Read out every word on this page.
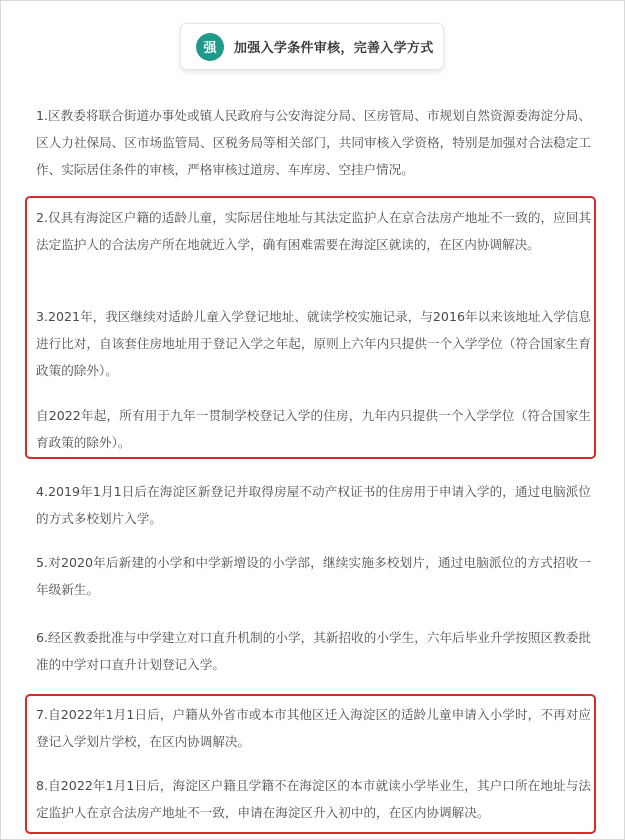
强	加强入学条件审核，完善入学方式

1.区教委将联合街道办事处或镇人民政府与公安海淀分局、区房管局、市规划自然资源委海淀分局、区人力社保局、区市场监管局、区税务局等相关部门，共同审核入学资格，特别是加强对合法稳定工作、实际居住条件的审核，严格审核过道房、车库房、空挂户情况。

2.仅具有海淀区户籍的适龄儿童，实际居住地址与其法定监护人在京合法房产地址不一致的，应回其法定监护人的合法房产所在地就近入学，确有困难需要在海淀区就读的，在区内协调解决。

3.2021年，我区继续对适龄儿童入学登记地址、就读学校实施记录，与2016年以来该地址入学信息进行比对，自该套住房地址用于登记入学之年起，原则上六年内只提供一个入学学位（符合国家生育政策的除外）。

自2022年起，所有用于九年一贯制学校登记入学的住房，九年内只提供一个入学学位（符合国家生育政策的除外）。

4.2019年1月1日后在海淀区新登记并取得房屋不动产权证书的住房用于申请入学的，通过电脑派位的方式多校划片入学。

5.对2020年后新建的小学和中学新增设的小学部，继续实施多校划片，通过电脑派位的方式招收一年级新生。

6.经区教委批准与中学建立对口直升机制的小学，其新招收的小学生，六年后毕业升学按照区教委批准的中学对口直升计划登记入学。

7.自2022年1月1日后，户籍从外省市或本市其他区迁入海淀区的适龄儿童申请入小学时，不再对应登记入学划片学校，在区内协调解决。

8.自2022年1月1日后，海淀区户籍且学籍不在海淀区的本市就读小学毕业生，其户口所在地址与法定监护人在京合法房产地址不一致，申请在海淀区升入初中的，在区内协调解决。
